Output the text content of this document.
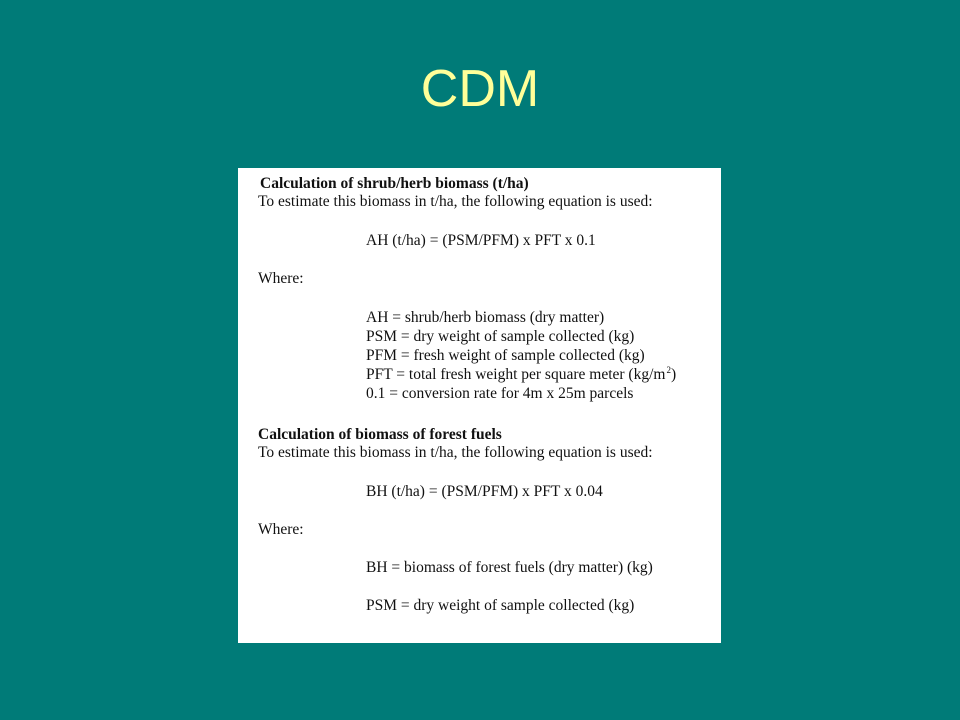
CDM
Calculation of shrub/herb biomass (t/ha)
To estimate this biomass in t/ha, the following equation is used:
AH (t/ha) = (PSM/PFM) x PFT x 0.1
Where:
AH = shrub/herb biomass (dry matter)
PSM = dry weight of sample collected (kg)
PFM = fresh weight of sample collected (kg)
PFT = total fresh weight per square meter $(kg/m^2)$
0.1 = conversion rate for 4m x 25m parcels
Calculation of biomass of forest fuels
To estimate this biomass in t/ha, the following equation is used:
BH (t/ha) = (PSM/PFM) x PFT x 0.04
Where:
BH = biomass of forest fuels (dry matter) (kg)
PSM = dry weight of sample collected (kg)
